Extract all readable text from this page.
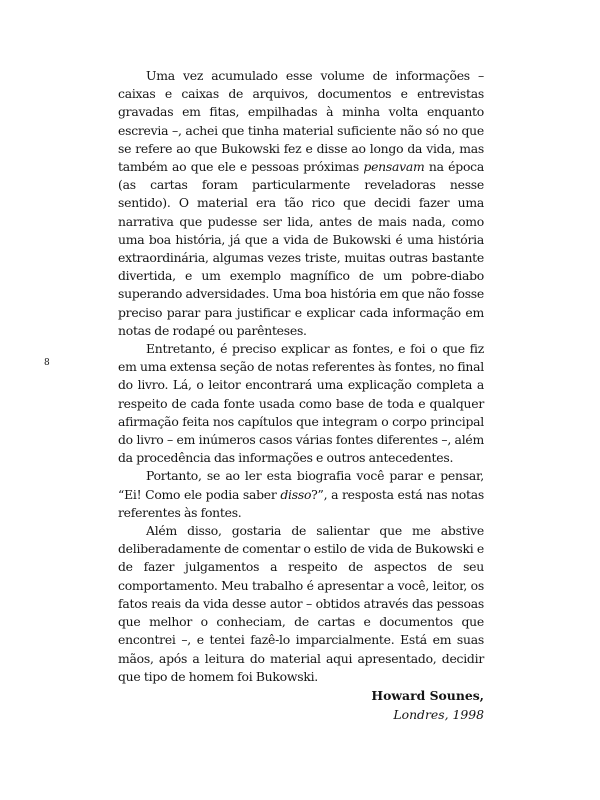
8

Uma vez acumulado esse volume de informações – caixas e caixas de arquivos, documentos e entrevistas gravadas em fitas, empilhadas à minha volta enquanto escrevia –, achei que tinha material suficiente não só no que se refere ao que Bukowski fez e disse ao longo da vida, mas também ao que ele e pessoas próximas pensavam na época (as cartas foram particularmente reveladoras nesse sentido). O material era tão rico que decidi fazer uma narrativa que pudesse ser lida, antes de mais nada, como uma boa história, já que a vida de Bukowski é uma história extraordinária, algumas vezes triste, muitas outras bastante divertida, e um exemplo magnífico de um pobre-diabo superando adversidades. Uma boa história em que não fosse preciso parar para justificar e explicar cada informação em notas de rodapé ou parênteses.

Entretanto, é preciso explicar as fontes, e foi o que fiz em uma extensa seção de notas referentes às fontes, no final do livro. Lá, o leitor encontrará uma explicação completa a respeito de cada fonte usada como base de toda e qualquer afirmação feita nos capítulos que integram o corpo principal do livro – em inúmeros casos várias fontes diferentes –, além da procedência das informações e outros antecedentes.

Portanto, se ao ler esta biografia você parar e pensar, “Ei! Como ele podia saber disso?”, a resposta está nas notas referentes às fontes.

Além disso, gostaria de salientar que me abstive deliberadamente de comentar o estilo de vida de Bukowski e de fazer julgamentos a respeito de aspectos de seu comportamento. Meu trabalho é apresentar a você, leitor, os fatos reais da vida desse autor – obtidos através das pessoas que melhor o conheciam, de cartas e documentos que encontrei –, e tentei fazê-lo imparcialmente. Está em suas mãos, após a leitura do material aqui apresentado, decidir que tipo de homem foi Bukowski.

Howard Sounes,
Londres, 1998
